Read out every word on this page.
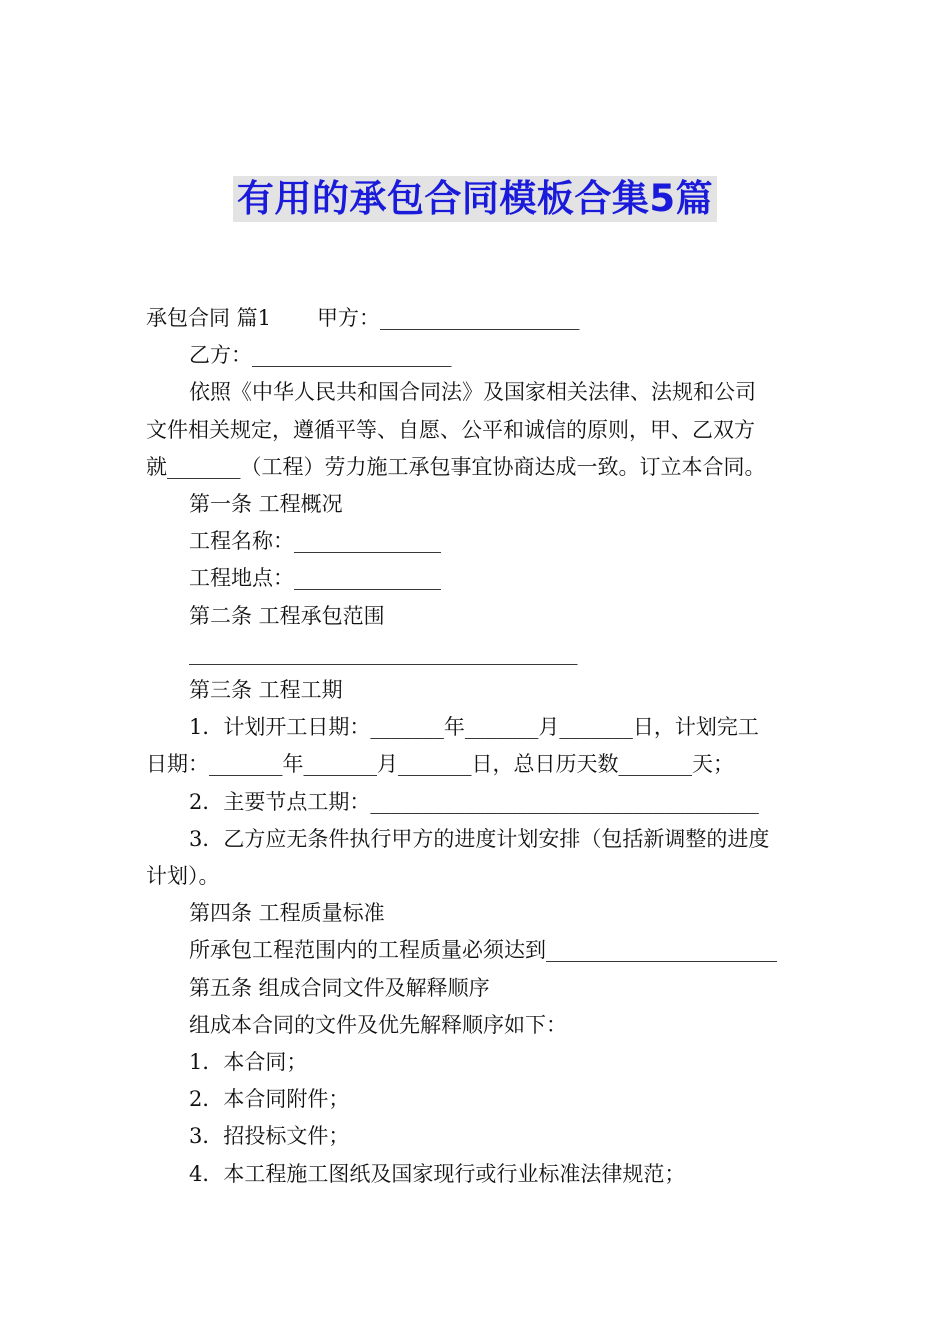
有用的承包合同模板合集5篇

承包合同 篇1 甲方：___________________

乙方：___________________

依照《中华人民共和国合同法》及国家相关法律、法规和公司

文件相关规定，遵循平等、自愿、公平和诚信的原则，甲、乙双方

就_______（工程）劳力施工承包事宜协商达成一致。订立本合同。

第一条 工程概况

工程名称：______________

工程地点：______________

第二条 工程承包范围

_____________________________________

第三条 工程工期

1．计划开工日期：_______年_______月_______日，计划完工

日期：_______年_______月_______日，总日历天数_______天；

2．主要节点工期：_____________________________________

3．乙方应无条件执行甲方的进度计划安排（包括新调整的进度

计划）。

第四条 工程质量标准

所承包工程范围内的工程质量必须达到______________________

第五条 组成合同文件及解释顺序

组成本合同的文件及优先解释顺序如下：

1．本合同；

2．本合同附件；

3．招投标文件；

4．本工程施工图纸及国家现行或行业标准法律规范；
